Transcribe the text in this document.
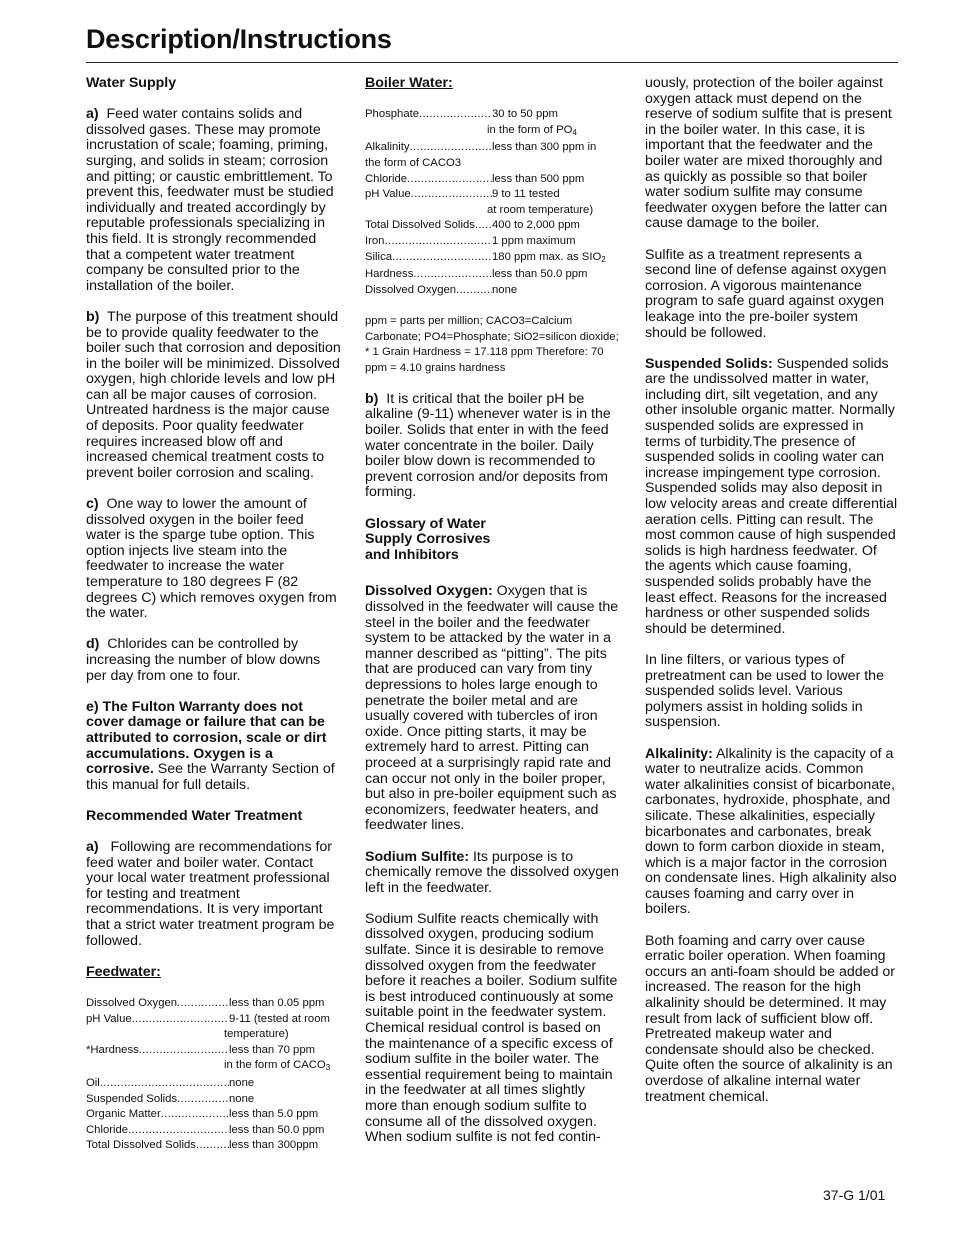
Description/Instructions

Water Supply

a) Feed water contains solids and dissolved gases. These may promote incrustation of scale; foaming, priming, surging, and solids in steam; corrosion and pitting; or caustic embrittlement. To prevent this, feedwater must be studied individually and treated accordingly by reputable professionals specializing in this field. It is strongly recommended that a competent water treatment company be consulted prior to the installation of the boiler.

b) The purpose of this treatment should be to provide quality feedwater to the boiler such that corrosion and deposition in the boiler will be minimized. Dissolved oxygen, high chloride levels and low pH can all be major causes of corrosion. Untreated hardness is the major cause of deposits. Poor quality feedwater requires increased blow off and increased chemical treatment costs to prevent boiler corrosion and scaling.

c) One way to lower the amount of dissolved oxygen in the boiler feed water is the sparge tube option. This option injects live steam into the feedwater to increase the water temperature to 180 degrees F (82 degrees C) which removes oxygen from the water.

d) Chlorides can be controlled by increasing the number of blow downs per day from one to four.

e) The Fulton Warranty does not cover damage or failure that can be attributed to corrosion, scale or dirt accumulations. Oxygen is a corrosive. See the Warranty Section of this manual for full details.

Recommended Water Treatment

a) Following are recommendations for feed water and boiler water. Contact your local water treatment professional for testing and treatment recommendations. It is very important that a strict water treatment program be followed.

Feedwater:

Dissolved Oxygen .....	less than 0.05 ppm
pH Value .....	9-11 (tested at room
temperature)
*Hardness .....	less than 70 ppm
in the form of $CACO_3$
Oil .....	none
Suspended Solids .....	none
Organic Matter .....	less than 5.0 ppm
Chloride .....	less than 50.0 ppm
Total Dissolved Solids .....	less than 300ppm

Boiler Water:

Phosphate .....	30 to 50 ppm
in the form of $PO_4$
Alkalinity .....	less than 300 ppm in
the form of CACO3
Chloride .....	less than 500 ppm
pH Value .....	9 to 11 tested
at room temperature)
Total Dissolved Solids ..... 400 to 2,000 ppm
Iron .....	1 ppm maximum
Silica .....	180 ppm max. as $SIO_2$
Hardness .....	less than 50.0 ppm
Dissolved Oxygen .....	none

ppm = parts per million; CACO3=Calcium Carbonate; PO4=Phosphate; SiO2=silicon dioxide; * 1 Grain Hardness = 17.118 ppm Therefore: 70 ppm = 4.10 grains hardness

b) It is critical that the boiler pH be alkaline (9-11) whenever water is in the boiler. Solids that enter in with the feed water concentrate in the boiler. Daily boiler blow down is recommended to prevent corrosion and/or deposits from forming.

Glossary of Water Supply Corrosives and Inhibitors

Dissolved Oxygen: Oxygen that is dissolved in the feedwater will cause the steel in the boiler and the feedwater system to be attacked by the water in a manner described as “pitting”. The pits that are produced can vary from tiny depressions to holes large enough to penetrate the boiler metal and are usually covered with tubercles of iron oxide. Once pitting starts, it may be extremely hard to arrest. Pitting can proceed at a surprisingly rapid rate and can occur not only in the boiler proper, but also in pre-boiler equipment such as economizers, feedwater heaters, and feedwater lines.

Sodium Sulfite: Its purpose is to chemically remove the dissolved oxygen left in the feedwater.

Sodium Sulfite reacts chemically with dissolved oxygen, producing sodium sulfate. Since it is desirable to remove dissolved oxygen from the feedwater before it reaches a boiler. Sodium sulfite is best introduced continuously at some suitable point in the feedwater system. Chemical residual control is based on the maintenance of a specific excess of sodium sulfite in the boiler water. The essential requirement being to maintain in the feedwater at all times slightly more than enough sodium sulfite to consume all of the dissolved oxygen. When sodium sulfite is not fed contin-

uously, protection of the boiler against oxygen attack must depend on the reserve of sodium sulfite that is present in the boiler water. In this case, it is important that the feedwater and the boiler water are mixed thoroughly and as quickly as possible so that boiler water sodium sulfite may consume feedwater oxygen before the latter can cause damage to the boiler.

Sulfite as a treatment represents a second line of defense against oxygen corrosion. A vigorous maintenance program to safe guard against oxygen leakage into the pre-boiler system should be followed.

Suspended Solids: Suspended solids are the undissolved matter in water, including dirt, silt vegetation, and any other insoluble organic matter. Normally suspended solids are expressed in terms of turbidity.The presence of suspended solids in cooling water can increase impingement type corrosion. Suspended solids may also deposit in low velocity areas and create differential aeration cells. Pitting can result. The most common cause of high suspended solids is high hardness feedwater. Of the agents which cause foaming, suspended solids probably have the least effect. Reasons for the increased hardness or other suspended solids should be determined.

In line filters, or various types of pretreatment can be used to lower the suspended solids level. Various polymers assist in holding solids in suspension.

Alkalinity: Alkalinity is the capacity of a water to neutralize acids. Common water alkalinities consist of bicarbonate, carbonates, hydroxide, phosphate, and silicate. These alkalinities, especially bicarbonates and carbonates, break down to form carbon dioxide in steam, which is a major factor in the corrosion on condensate lines. High alkalinity also causes foaming and carry over in boilers.

Both foaming and carry over cause erratic boiler operation. When foaming occurs an anti-foam should be added or increased. The reason for the high alkalinity should be determined. It may result from lack of sufficient blow off. Pretreated makeup water and condensate should also be checked. Quite often the source of alkalinity is an overdose of alkaline internal water treatment chemical.

37-G 1/01
